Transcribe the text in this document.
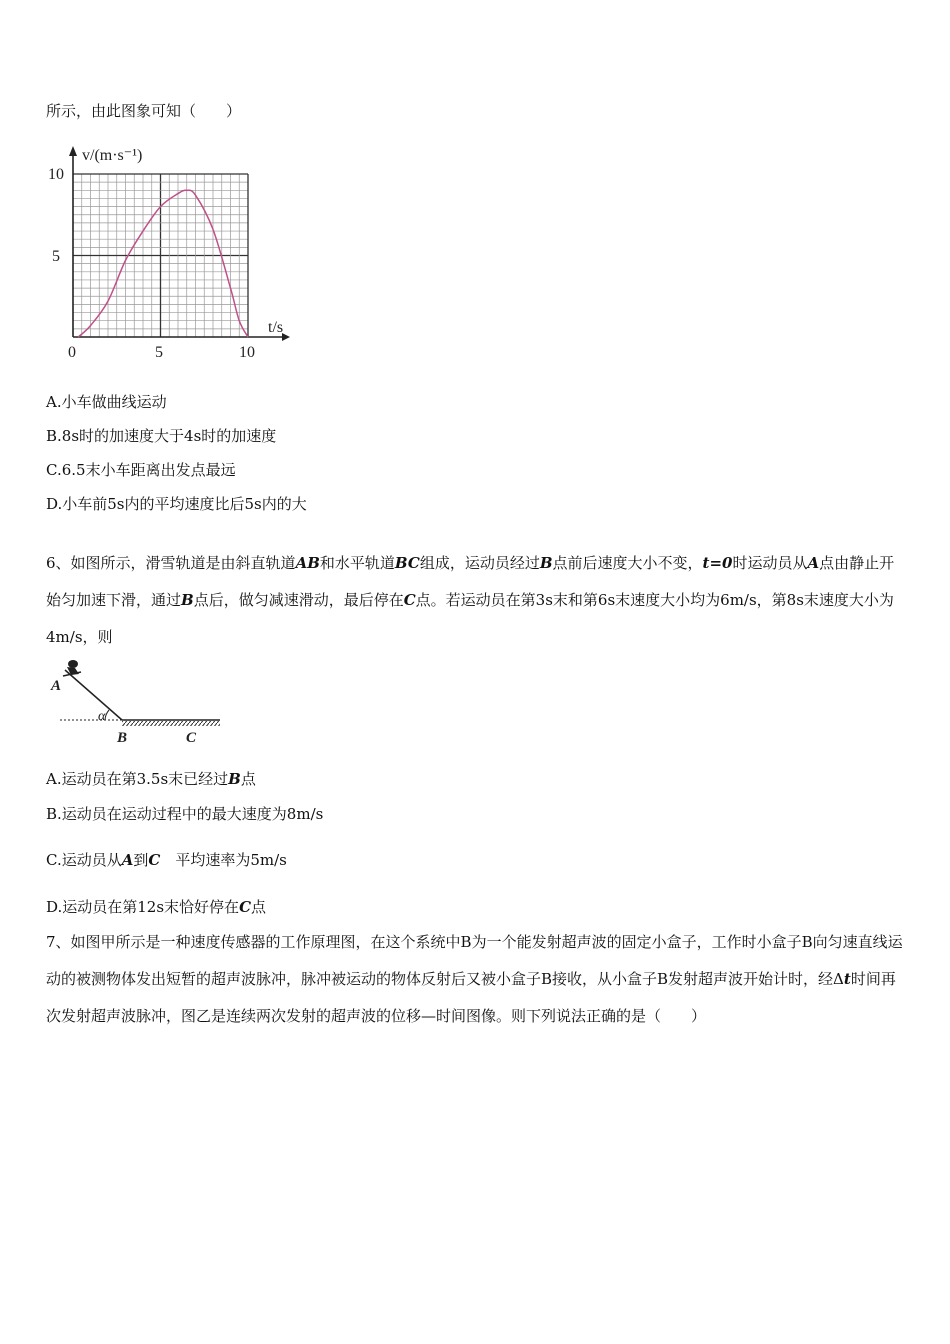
所示，由此图象可知（　　）
v/(m·s⁻¹)
t/s
0	5	10
5
10
A.小车做曲线运动
B.8s时的加速度大于4s时的加速度
C.6.5末小车距离出发点最远
D.小车前5s内的平均速度比后5s内的大
6、如图所示，滑雪轨道是由斜直轨道AB和水平轨道BC组成，运动员经过B点前后速度大小不变，t=0时运动员从A点由静止开始匀加速下滑，通过B点后，做匀减速滑动，最后停在C点。若运动员在第3s末和第6s末速度大小均为6m/s，第8s末速度大小为4m/s，则
A
α
B	C
A.运动员在第3.5s末已经过B点
B.运动员在运动过程中的最大速度为8m/s
C.运动员从A到C　平均速率为5m/s
D.运动员在第12s末恰好停在C点
7、如图甲所示是一种速度传感器的工作原理图，在这个系统中B为一个能发射超声波的固定小盒子，工作时小盒子B向匀速直线运动的被测物体发出短暂的超声波脉冲，脉冲被运动的物体反射后又被小盒子B接收，从小盒子B发射超声波开始计时，经Δt时间再次发射超声波脉冲，图乙是连续两次发射的超声波的位移—时间图像。则下列说法正确的是（　　）
